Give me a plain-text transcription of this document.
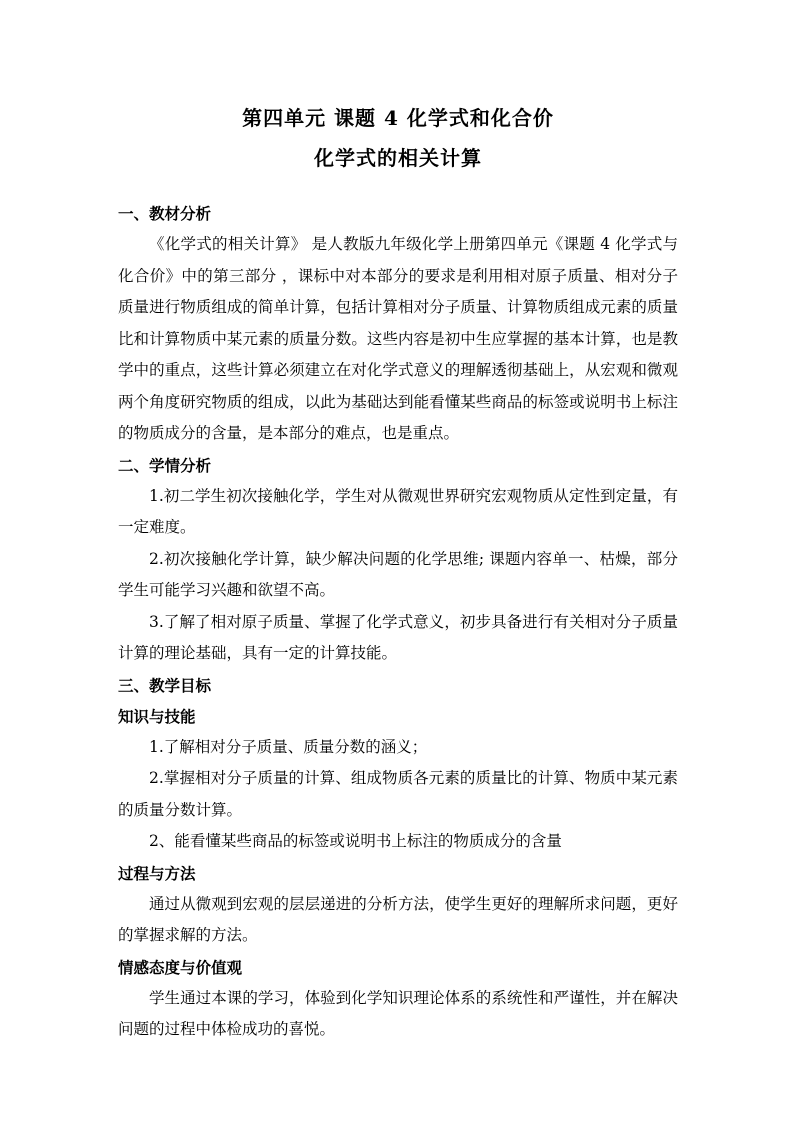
第四单元 课题 4 化学式和化合价
化学式的相关计算

一、教材分析

《化学式的相关计算》 是人教版九年级化学上册第四单元《课题 4 化学式与化合价》中的第三部分 ，课标中对本部分的要求是利用相对原子质量、相对分子质量进行物质组成的简单计算，包括计算相对分子质量、计算物质组成元素的质量比和计算物质中某元素的质量分数。这些内容是初中生应掌握的基本计算，也是教学中的重点，这些计算必须建立在对化学式意义的理解透彻基础上，从宏观和微观两个角度研究物质的组成，以此为基础达到能看懂某些商品的标签或说明书上标注的物质成分的含量，是本部分的难点，也是重点。

二、学情分析

1.初二学生初次接触化学，学生对从微观世界研究宏观物质从定性到定量，有一定难度。

2.初次接触化学计算，缺少解决问题的化学思维; 课题内容单一、枯燥，部分学生可能学习兴趣和欲望不高。

3.了解了相对原子质量、掌握了化学式意义，初步具备进行有关相对分子质量计算的理论基础，具有一定的计算技能。

三、教学目标

知识与技能

1.了解相对分子质量、质量分数的涵义；

2.掌握相对分子质量的计算、组成物质各元素的质量比的计算、物质中某元素的质量分数计算。

2、能看懂某些商品的标签或说明书上标注的物质成分的含量

过程与方法

通过从微观到宏观的层层递进的分析方法，使学生更好的理解所求问题，更好的掌握求解的方法。

情感态度与价值观

学生通过本课的学习，体验到化学知识理论体系的系统性和严谨性，并在解决问题的过程中体检成功的喜悦。
